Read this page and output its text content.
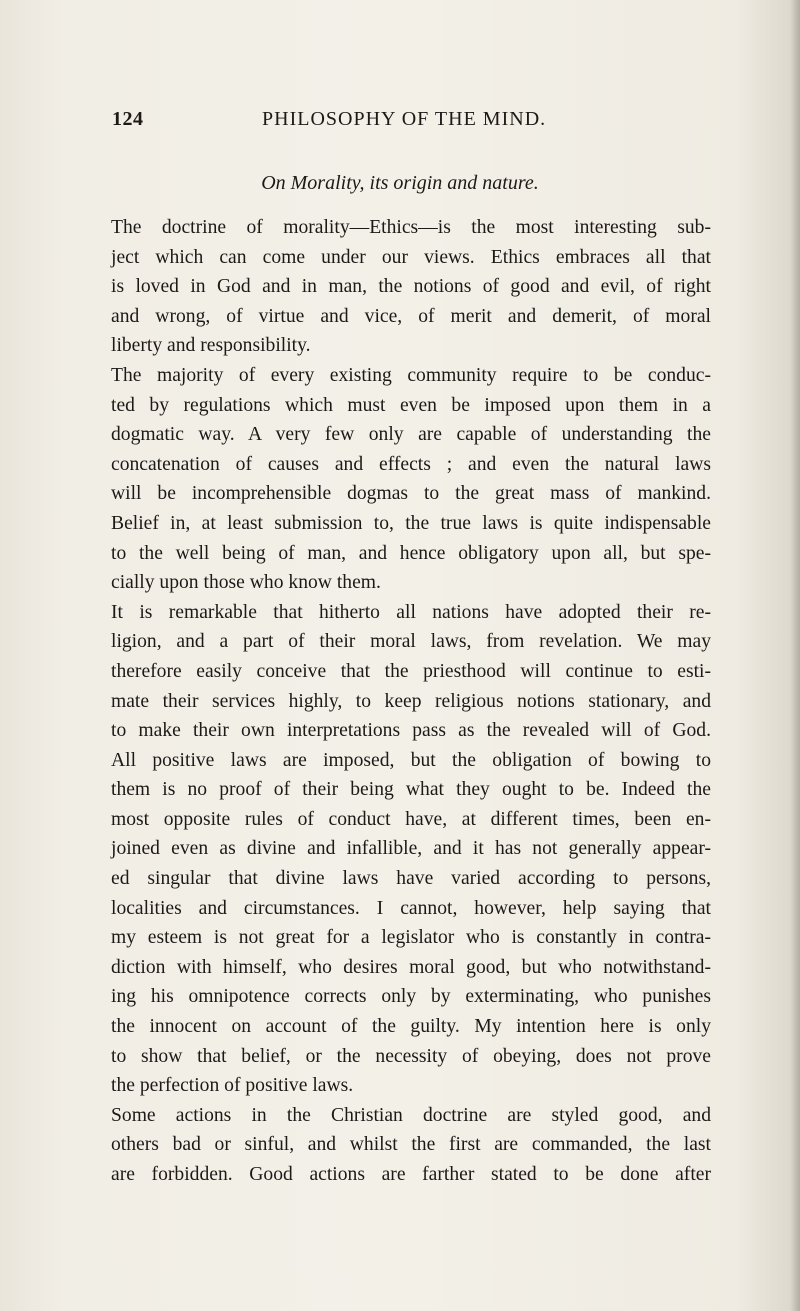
124	PHILOSOPHY OF THE MIND.
On Morality, its origin and nature.
The doctrine of morality—Ethics—is the most interesting sub-
ject which can come under our views. Ethics embraces all that
is loved in God and in man, the notions of good and evil, of right
and wrong, of virtue and vice, of merit and demerit, of moral
liberty and responsibility.
The majority of every existing community require to be conduc-
ted by regulations which must even be imposed upon them in a
dogmatic way. A very few only are capable of understanding the
concatenation of causes and effects ; and even the natural laws
will be incomprehensible dogmas to the great mass of mankind.
Belief in, at least submission to, the true laws is quite indispensable
to the well being of man, and hence obligatory upon all, but spe-
cially upon those who know them.
It is remarkable that hitherto all nations have adopted their re-
ligion, and a part of their moral laws, from revelation. We may
therefore easily conceive that the priesthood will continue to esti-
mate their services highly, to keep religious notions stationary, and
to make their own interpretations pass as the revealed will of God.
All positive laws are imposed, but the obligation of bowing to
them is no proof of their being what they ought to be. Indeed the
most opposite rules of conduct have, at different times, been en-
joined even as divine and infallible, and it has not generally appear-
ed singular that divine laws have varied according to persons,
localities and circumstances. I cannot, however, help saying that
my esteem is not great for a legislator who is constantly in contra-
diction with himself, who desires moral good, but who notwithstand-
ing his omnipotence corrects only by exterminating, who punishes
the innocent on account of the guilty. My intention here is only
to show that belief, or the necessity of obeying, does not prove
the perfection of positive laws.
Some actions in the Christian doctrine are styled good, and
others bad or sinful, and whilst the first are commanded, the last
are forbidden. Good actions are farther stated to be done after
